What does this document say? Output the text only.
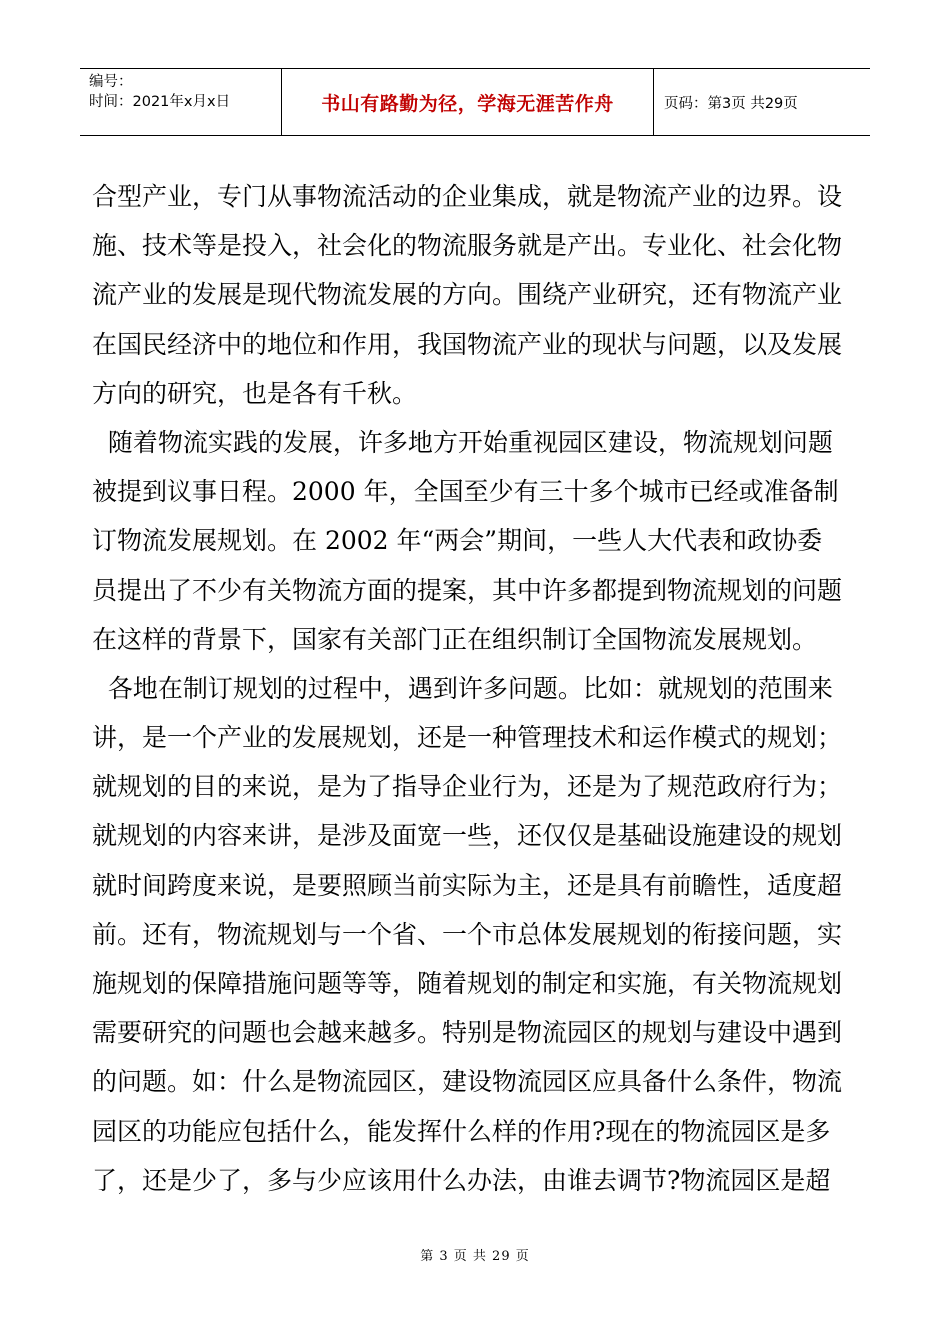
编号：
时间：2021年x月x日	书山有路勤为径，学海无涯苦作舟	页码：第3页 共29页
合型产业，专门从事物流活动的企业集成，就是物流产业的边界。设
施、技术等是投入，社会化的物流服务就是产出。专业化、社会化物
流产业的发展是现代物流发展的方向。围绕产业研究，还有物流产业
在国民经济中的地位和作用，我国物流产业的现状与问题，以及发展
方向的研究，也是各有千秋。
随着物流实践的发展，许多地方开始重视园区建设，物流规划问题
被提到议事日程。2000 年，全国至少有三十多个城市已经或准备制
订物流发展规划。在 2002 年“两会”期间，一些人大代表和政协委
员提出了不少有关物流方面的提案，其中许多都提到物流规划的问题
在这样的背景下，国家有关部门正在组织制订全国物流发展规划。
各地在制订规划的过程中，遇到许多问题。比如：就规划的范围来
讲，是一个产业的发展规划，还是一种管理技术和运作模式的规划；
就规划的目的来说，是为了指导企业行为，还是为了规范政府行为；
就规划的内容来讲，是涉及面宽一些，还仅仅是基础设施建设的规划
就时间跨度来说，是要照顾当前实际为主，还是具有前瞻性，适度超
前。还有，物流规划与一个省、一个市总体发展规划的衔接问题，实
施规划的保障措施问题等等，随着规划的制定和实施，有关物流规划
需要研究的问题也会越来越多。特别是物流园区的规划与建设中遇到
的问题。如：什么是物流园区，建设物流园区应具备什么条件，物流
园区的功能应包括什么，能发挥什么样的作用?现在的物流园区是多
了，还是少了，多与少应该用什么办法，由谁去调节?物流园区是超
第 3 页 共 29 页
